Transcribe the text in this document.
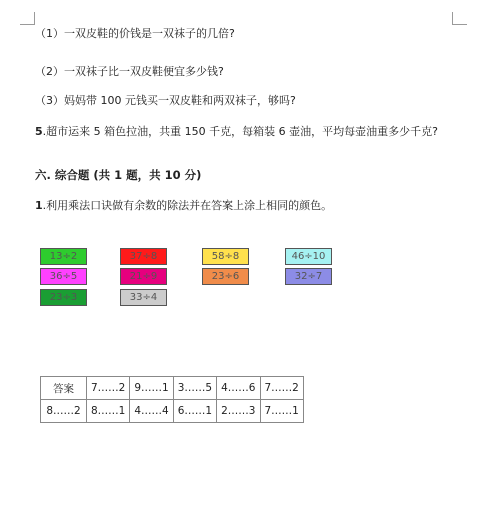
（1）一双皮鞋的价钱是一双袜子的几倍?
（2）一双袜子比一双皮鞋便宜多少钱?
（3）妈妈带 100 元钱买一双皮鞋和两双袜子，够吗?
5.超市运来 5 箱色拉油，共重 150 千克，每箱装 6 壶油，平均每壶油重多少千克?
六. 综合题 (共 1 题，共 10 分)
1.利用乘法口诀做有余数的除法并在答案上涂上相同的颜色。
13÷2	37÷8	58÷8	46÷10
36÷5	21÷9	23÷6	32÷7
23÷3	33÷4
答案	7……2	9……1	3……5	4……6	7……2
8……2	8……1	4……4	6……1	2……3	7……1
